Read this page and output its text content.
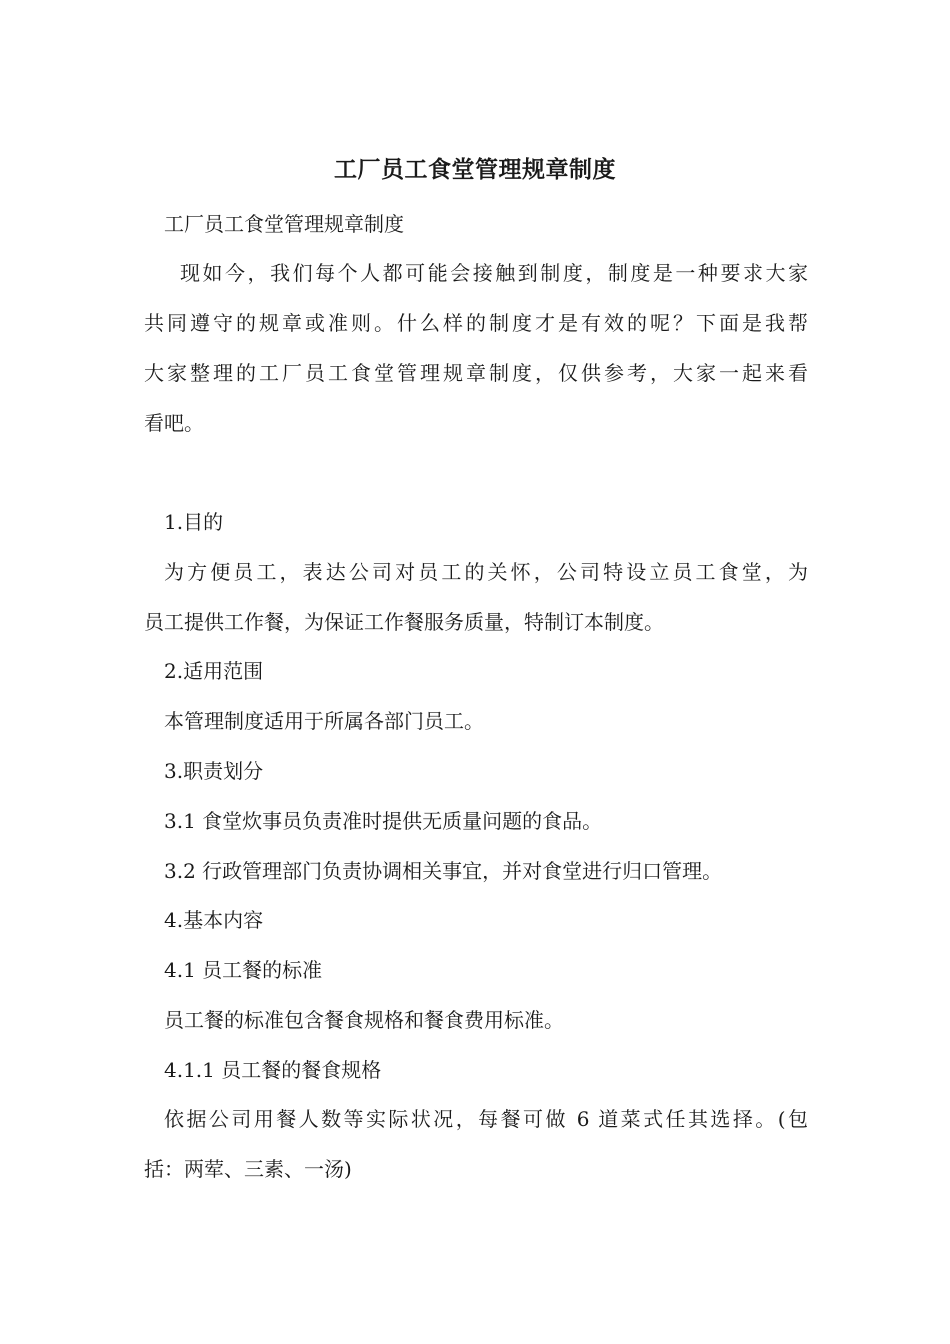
工厂员工食堂管理规章制度
工厂员工食堂管理规章制度
现如今，我们每个人都可能会接触到制度，制度是一种要求大家
共同遵守的规章或准则。什么样的制度才是有效的呢？下面是我帮
大家整理的工厂员工食堂管理规章制度，仅供参考，大家一起来看
看吧。
1.目的
为方便员工，表达公司对员工的关怀，公司特设立员工食堂，为
员工提供工作餐，为保证工作餐服务质量，特制订本制度。
2.适用范围
本管理制度适用于所属各部门员工。
3.职责划分
3.1 食堂炊事员负责准时提供无质量问题的食品。
3.2 行政管理部门负责协调相关事宜，并对食堂进行归口管理。
4.基本内容
4.1 员工餐的标准
员工餐的标准包含餐食规格和餐食费用标准。
4.1.1 员工餐的餐食规格
依据公司用餐人数等实际状况，每餐可做 6 道菜式任其选择。(包
括：两荤、三素、一汤)
